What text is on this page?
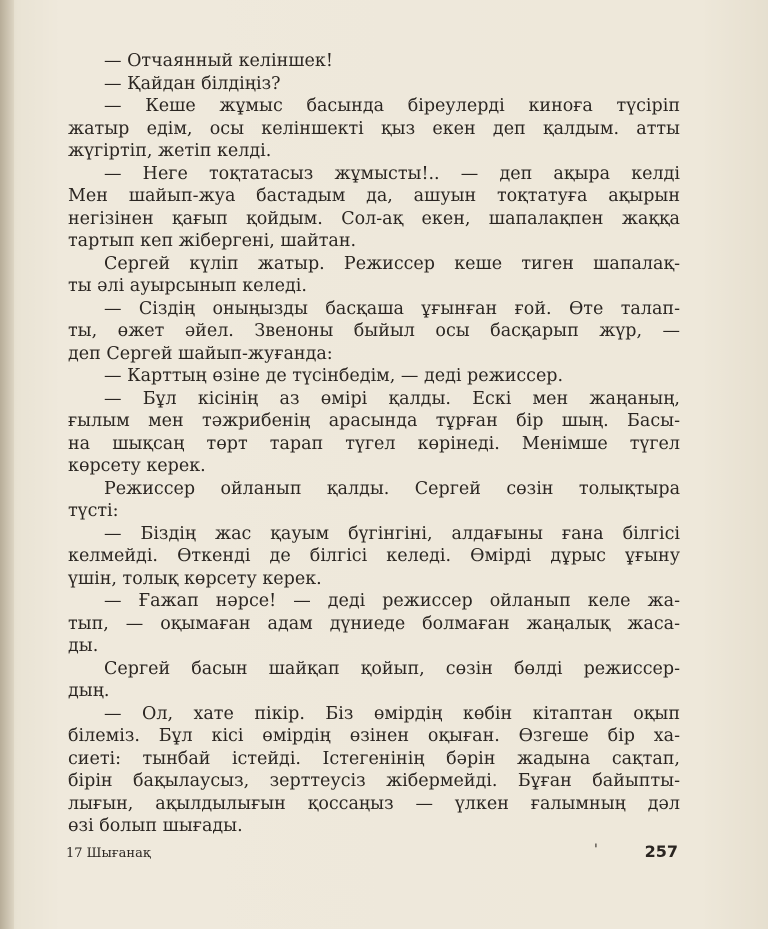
— Отчаянный келіншек!
— Қайдан білдіңіз?
— Кеше жұмыс басында біреулерді киноға түсіріп
жатыр едім, осы келіншекті қыз екен деп қалдым. атты
жүгіртіп, жетіп келді.
— Неге тоқтатасыз жұмысты!.. — деп ақыра келді
Мен шайып-жуа бастадым да, ашуын тоқтатуға ақырын
негізінен қағып қойдым. Сол-ақ екен, шапалақпен жаққа
тартып кеп жібергені, шайтан.
Сергей күліп жатыр. Режиссер кеше тиген шапалақ-
ты әлі ауырсынып келеді.
— Сіздің оныңызды басқаша ұғынған ғой. Өте талап-
ты, өжет әйел. Звеноны быйыл осы басқарып жүр, —
деп Сергей шайып-жуғанда:
— Карттың өзіне де түсінбедім, — деді режиссер.
— Бұл кісінің аз өмірі қалды. Ескі мен жаңаның,
ғылым мен тәжрибенің арасында тұрған бір шың. Басы-
на шықсаң төрт тарап түгел көрінеді. Менімше түгел
көрсету керек.
Режиссер ойланып қалды. Сергей сөзін толықтыра
түсті:
— Біздің жас қауым бүгінгіні, алдағыны ғана білгісі
келмейді. Өткенді де білгісі келеді. Өмірді дұрыс ұғыну
үшін, толық көрсету керек.
— Ғажап нәрсе! — деді режиссер ойланып келе жа-
тып, — оқымаған адам дүниеде болмаған жаңалық жаса-
ды.
Сергей басын шайқап қойып, сөзін бөлді режиссер-
дың.
— Ол, хате пікір. Біз өмірдің көбін кітаптан оқып
білеміз. Бұл кісі өмірдің өзінен оқыған. Өзгеше бір ха-
сиеті: тынбай істейді. Істегенінің бәрін жадына сақтап,
бірін бақылаусыз, зерттеусіз жібермейді. Бұған байыпты-
лығын, ақылдылығын қоссаңыз — үлкен ғалымның дәл
өзі болып шығады.
17 Шығанақ	'	257
